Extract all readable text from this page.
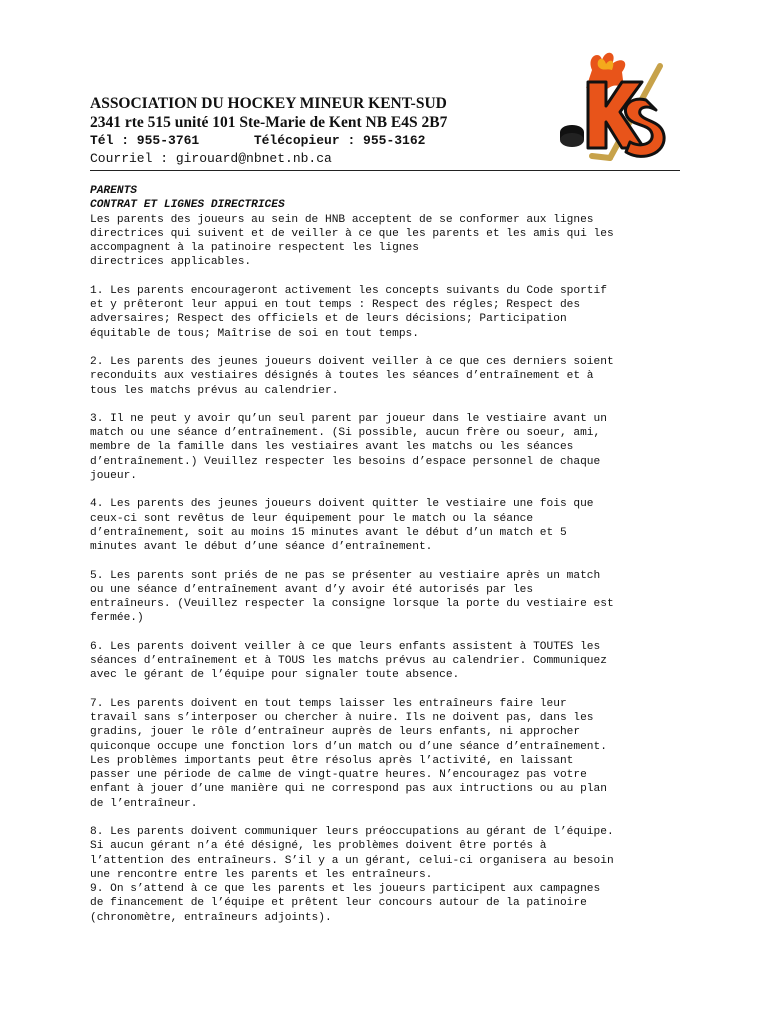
ASSOCIATION DU HOCKEY MINEUR KENT-SUD
2341 rte 515 unité 101 Ste-Marie de Kent NB E4S 2B7
Tél : 955-3761       Télécopieur : 955-3162
Courriel : girouard@nbnet.nb.ca
PARENTS
CONTRAT ET LIGNES DIRECTRICES
Les parents des joueurs au sein de HNB acceptent de se conformer aux lignes
directrices qui suivent et de veiller à ce que les parents et les amis qui les
accompagnent à la patinoire respectent les lignes
directrices applicables.
1. Les parents encourageront activement les concepts suivants du Code sportif
et y prêteront leur appui en tout temps : Respect des régles; Respect des
adversaires; Respect des officiels et de leurs décisions; Participation
équitable de tous; Maîtrise de soi en tout temps.
2. Les parents des jeunes joueurs doivent veiller à ce que ces derniers soient
reconduits aux vestiaires désignés à toutes les séances d’entraînement et à
tous les matchs prévus au calendrier.
3. Il ne peut y avoir qu’un seul parent par joueur dans le vestiaire avant un
match ou une séance d’entraînement. (Si possible, aucun frère ou soeur, ami,
membre de la famille dans les vestiaires avant les matchs ou les séances
d’entraînement.) Veuillez respecter les besoins d’espace personnel de chaque
joueur.
4. Les parents des jeunes joueurs doivent quitter le vestiaire une fois que
ceux-ci sont revêtus de leur équipement pour le match ou la séance
d’entraînement, soit au moins 15 minutes avant le début d’un match et 5
minutes avant le début d’une séance d’entraînement.
5. Les parents sont priés de ne pas se présenter au vestiaire après un match
ou une séance d’entraînement avant d’y avoir été autorisés par les
entraîneurs. (Veuillez respecter la consigne lorsque la porte du vestiaire est
fermée.)
6. Les parents doivent veiller à ce que leurs enfants assistent à TOUTES les
séances d’entraînement et à TOUS les matchs prévus au calendrier. Communiquez
avec le gérant de l’équipe pour signaler toute absence.
7. Les parents doivent en tout temps laisser les entraîneurs faire leur
travail sans s’interposer ou chercher à nuire. Ils ne doivent pas, dans les
gradins, jouer le rôle d’entraîneur auprès de leurs enfants, ni approcher
quiconque occupe une fonction lors d’un match ou d’une séance d’entraînement.
Les problèmes importants peut être résolus après l’activité, en laissant
passer une période de calme de vingt-quatre heures. N’encouragez pas votre
enfant à jouer d’une manière qui ne correspond pas aux intructions ou au plan
de l’entraîneur.
8. Les parents doivent communiquer leurs préoccupations au gérant de l’équipe.
Si aucun gérant n’a été désigné, les problèmes doivent être portés à
l’attention des entraîneurs. S’il y a un gérant, celui-ci organisera au besoin
une rencontre entre les parents et les entraîneurs.
9. On s’attend à ce que les parents et les joueurs participent aux campagnes
de financement de l’équipe et prêtent leur concours autour de la patinoire
(chronomètre, entraîneurs adjoints).
